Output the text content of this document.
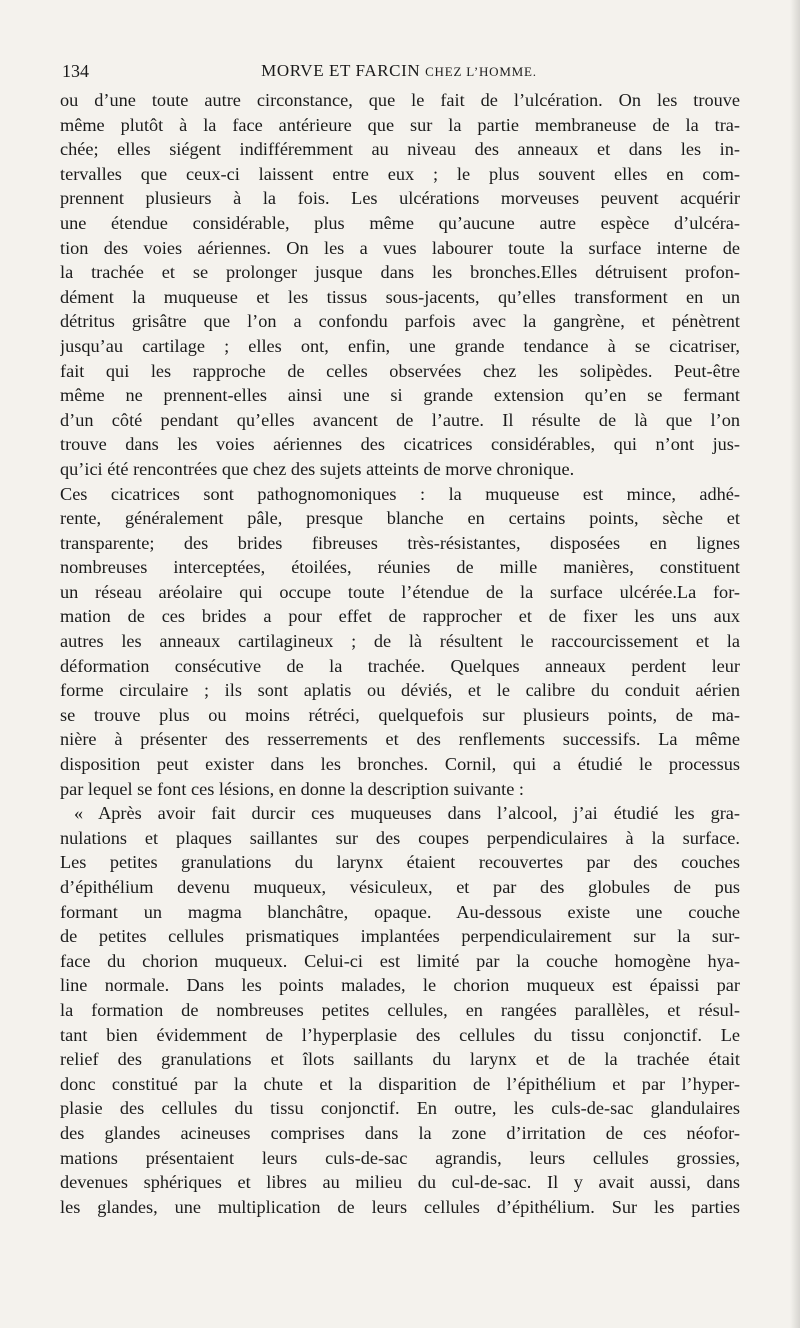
134	MORVE ET FARCIN CHEZ L’HOMME.
ou d’une toute autre circonstance, que le fait de l’ulcération. On les trouve
même plutôt à la face antérieure que sur la partie membraneuse de la tra-
chée; elles siégent indifféremment au niveau des anneaux et dans les in-
tervalles que ceux-ci laissent entre eux ; le plus souvent elles en com-
prennent plusieurs à la fois. Les ulcérations morveuses peuvent acquérir
une étendue considérable, plus même qu’aucune autre espèce d’ulcéra-
tion des voies aériennes. On les a vues labourer toute la surface interne de
la trachée et se prolonger jusque dans les bronches.Elles détruisent profon-
dément la muqueuse et les tissus sous-jacents, qu’elles transforment en un
détritus grisâtre que l’on a confondu parfois avec la gangrène, et pénètrent
jusqu’au cartilage ; elles ont, enfin, une grande tendance à se cicatriser,
fait qui les rapproche de celles observées chez les solipèdes. Peut-être
même ne prennent-elles ainsi une si grande extension qu’en se fermant
d’un côté pendant qu’elles avancent de l’autre. Il résulte de là que l’on
trouve dans les voies aériennes des cicatrices considérables, qui n’ont jus-
qu’ici été rencontrées que chez des sujets atteints de morve chronique.
Ces cicatrices sont pathognomoniques : la muqueuse est mince, adhé-
rente, généralement pâle, presque blanche en certains points, sèche et
transparente; des brides fibreuses très-résistantes, disposées en lignes
nombreuses interceptées, étoilées, réunies de mille manières, constituent
un réseau aréolaire qui occupe toute l’étendue de la surface ulcérée.La for-
mation de ces brides a pour effet de rapprocher et de fixer les uns aux
autres les anneaux cartilagineux ; de là résultent le raccourcissement et la
déformation consécutive de la trachée. Quelques anneaux perdent leur
forme circulaire ; ils sont aplatis ou déviés, et le calibre du conduit aérien
se trouve plus ou moins rétréci, quelquefois sur plusieurs points, de ma-
nière à présenter des resserrements et des renflements successifs. La même
disposition peut exister dans les bronches. Cornil, qui a étudié le processus
par lequel se font ces lésions, en donne la description suivante :
« Après avoir fait durcir ces muqueuses dans l’alcool, j’ai étudié les gra-
nulations et plaques saillantes sur des coupes perpendiculaires à la surface.
Les petites granulations du larynx étaient recouvertes par des couches
d’épithélium devenu muqueux, vésiculeux, et par des globules de pus
formant un magma blanchâtre, opaque. Au-dessous existe une couche
de petites cellules prismatiques implantées perpendiculairement sur la sur-
face du chorion muqueux. Celui-ci est limité par la couche homogène hya-
line normale. Dans les points malades, le chorion muqueux est épaissi par
la formation de nombreuses petites cellules, en rangées parallèles, et résul-
tant bien évidemment de l’hyperplasie des cellules du tissu conjonctif. Le
relief des granulations et îlots saillants du larynx et de la trachée était
donc constitué par la chute et la disparition de l’épithélium et par l’hyper-
plasie des cellules du tissu conjonctif. En outre, les culs-de-sac glandulaires
des glandes acineuses comprises dans la zone d’irritation de ces néofor-
mations présentaient leurs culs-de-sac agrandis, leurs cellules grossies,
devenues sphériques et libres au milieu du cul-de-sac. Il y avait aussi, dans
les glandes, une multiplication de leurs cellules d’épithélium. Sur les parties
